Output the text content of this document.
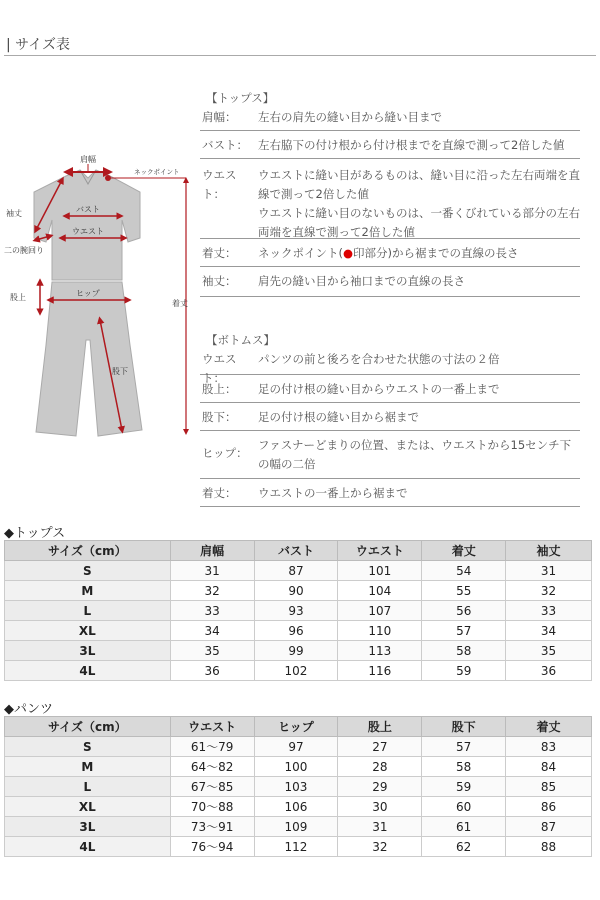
| サイズ表
肩幅
ネックポイント
着丈
袖丈	バスト
ウエスト
二の腕回り
ヒップ
股上
股下
【トップス】
肩幅：	左右の肩先の縫い目から縫い目まで
バスト： 左右脇下の付け根から付け根までを直線で測って2倍した値
ウエスト：
ウエストに縫い目があるものは、縫い目に沿った左右両端を直線で測って2倍した値
ウエストに縫い目のないものは、一番くびれている部分の左右両端を直線で測って2倍した値
着丈：	ネックポイント(●印部分)から裾までの直線の長さ
袖丈：	肩先の縫い目から袖口までの直線の長さ
【ボトムス】
ウエスト：
パンツの前と後ろを合わせた状態の寸法の２倍
股上：	足の付け根の縫い目からウエストの一番上まで
股下：	足の付け根の縫い目から裾まで
ヒップ：
ファスナーどまりの位置、または、ウエストから15センチ下の幅の二倍
着丈：	ウエストの一番上から裾まで
◆トップス
サイズ（cm）	肩幅	バスト	ウエスト	着丈	袖丈
S	31	87	101	54	31
M	32	90	104	55	32
L	33	93	107	56	33
XL	34	96	110	57	34
3L	35	99	113	58	35
4L	36	102	116	59	36
◆パンツ
サイズ（cm）	ウエスト	ヒップ	股上	股下	着丈
S	61～79	97	27	57	83
M	64～82	100	28	58	84
L	67～85	103	29	59	85
XL	70～88	106	30	60	86
3L	73～91	109	31	61	87
4L	76～94	112	32	62	88
